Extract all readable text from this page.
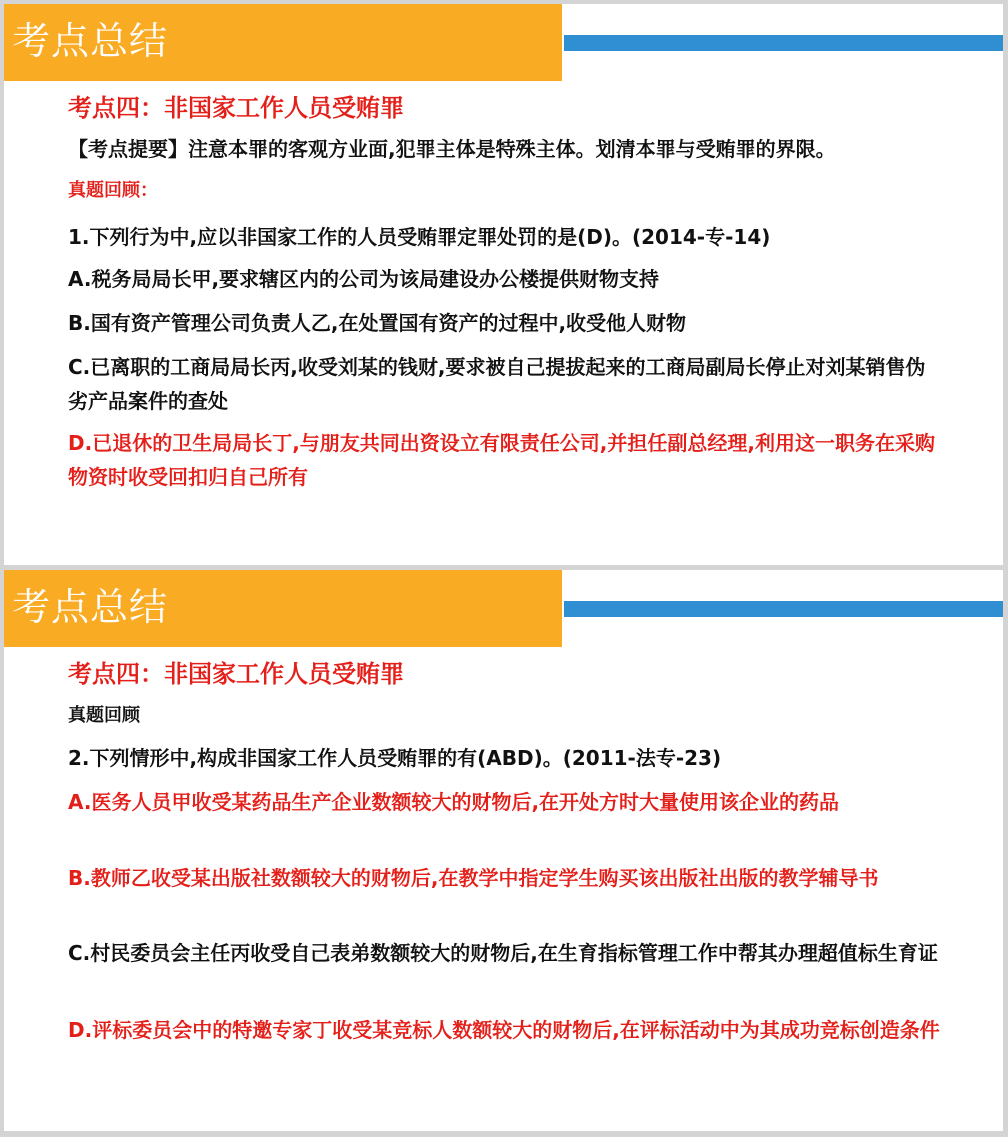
考点总结

考点四：非国家工作人员受贿罪

【考点提要】注意本罪的客观方业面,犯罪主体是特殊主体。划清本罪与受贿罪的界限。

真题回顾：

1.下列行为中,应以非国家工作的人员受贿罪定罪处罚的是(D)。(2014-专-14)

A.税务局局长甲,要求辖区内的公司为该局建设办公楼提供财物支持

B.国有资产管理公司负责人乙,在处置国有资产的过程中,收受他人财物

C.已离职的工商局局长丙,收受刘某的钱财,要求被自己提拔起来的工商局副局长停止对刘某销售伪劣产品案件的查处

D.已退休的卫生局局长丁,与朋友共同出资设立有限责任公司,并担任副总经理,利用这一职务在采购物资时收受回扣归自己所有

考点总结

考点四：非国家工作人员受贿罪

真题回顾

2.下列情形中,构成非国家工作人员受贿罪的有(ABD)。(2011-法专-23)

A.医务人员甲收受某药品生产企业数额较大的财物后,在开处方时大量使用该企业的药品

B.教师乙收受某出版社数额较大的财物后,在教学中指定学生购买该出版社出版的教学辅导书

C.村民委员会主任丙收受自己表弟数额较大的财物后,在生育指标管理工作中帮其办理超值标生育证

D.评标委员会中的特邀专家丁收受某竞标人数额较大的财物后,在评标活动中为其成功竞标创造条件
